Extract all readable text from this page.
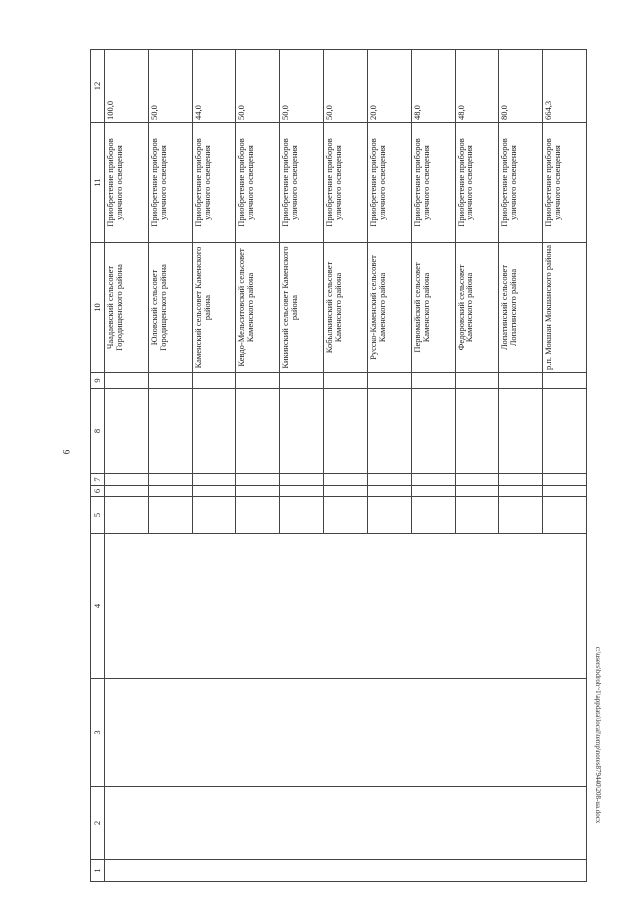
9
c:\users\bdroh~1\appdata\local\temp\notes879440\208-ua.docx
1	2	3	4	5	6	7	8	9	10	11	12
									Чаадаевский сельсовет Городищенского района	Приобретение приборов уличного освещения	100,0
									Юловский сельсовет Городищенского района	Приобретение приборов уличного освещения	50,0
									Каменский сельсовет Каменского района	Приобретение приборов уличного освещения	44,0
									Кевдо-Мельситовский сельсовет Каменского района	Приобретение приборов уличного освещения	50,0
									Кикинский сельсовет Каменского района	Приобретение приборов уличного освещения	50,0
									Кобылкинский сельсовет Каменского района	Приобретение приборов уличного освещения	50,0
									Русско-Каменский сельсовет Каменского района	Приобретение приборов уличного освещения	20,0
									Первомайский сельсовет Каменского района	Приобретение приборов уличного освещения	48,0
									Федоровский сельсовет Каменского района	Приобретение приборов уличного освещения	48,0
									Лопатинский сельсовет Лопатинского района	Приобретение приборов уличного освещения	80,0
									р.п. Мокшан Мокшанского района	Приобретение приборов уличного освещения	664,3
